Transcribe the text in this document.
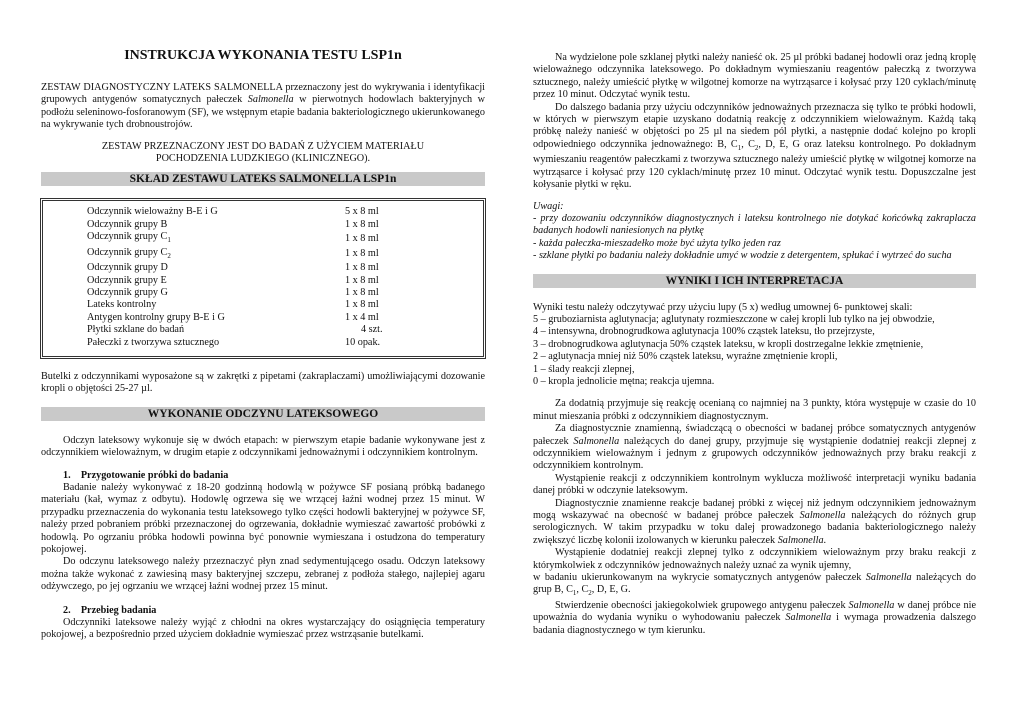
INSTRUKCJA WYKONANIA TESTU LSP1n

ZESTAW DIAGNOSTYCZNY LATEKS SALMONELLA przeznaczony jest do wykrywania i identyfikacji grupowych antygenów somatycznych pałeczek Salmonella w pierwotnych hodowlach bakteryjnych w podłożu seleninowo-fosforanowym (SF), we wstępnym etapie badania bakteriologicznego ukierunkowanego na wykrywanie tych drobnoustrojów.

ZESTAW PRZEZNACZONY JEST DO BADAŃ Z UŻYCIEM MATERIAŁU POCHODZENIA LUDZKIEGO (KLINICZNEGO).

SKŁAD ZESTAWU LATEKS SALMONELLA LSP1n
Odczynnik wieloważny B-E i G	5 x 8 ml
Odczynnik grupy B	1 x 8 ml
Odczynnik grupy $C_1$	1 x 8 ml
Odczynnik grupy $C_2$	1 x 8 ml
Odczynnik grupy D	1 x 8 ml
Odczynnik grupy E	1 x 8 ml
Odczynnik grupy G	1 x 8 ml
Lateks kontrolny	1 x 8 ml
Antygen kontrolny grupy B-E i G	1 x 4 ml
Płytki szklane do badań	4 szt.
Pałeczki z tworzywa sztucznego	10 opak.

Butelki z odczynnikami wyposażone są w zakrętki z pipetami (zakraplaczami) umożliwiającymi dozowanie kropli o objętości 25-27 µl.

WYKONANIE ODCZYNU LATEKSOWEGO

Odczyn lateksowy wykonuje się w dwóch etapach: w pierwszym etapie badanie wykonywane jest z odczynnikiem wieloważnym, w drugim etapie z odczynnikami jednoważnymi i odczynnikiem kontrolnym.

1. Przygotowanie próbki do badania

Badanie należy wykonywać z 18-20 godzinną hodowlą w pożywce SF posianą próbką badanego materiału (kał, wymaz z odbytu). Hodowlę ogrzewa się we wrzącej łaźni wodnej przez 15 minut. W przypadku przeznaczenia do wykonania testu lateksowego tylko części hodowli bakteryjnej w pożywce SF, należy przed pobraniem próbki przeznaczonej do ogrzewania, dokładnie wymieszać zawartość probówki z hodowlą. Po ogrzaniu próbka hodowli powinna być ponownie wymieszana i ostudzona do temperatury pokojowej.

Do odczynu lateksowego należy przeznaczyć płyn znad sedymentującego osadu. Odczyn lateksowy można także wykonać z zawiesiną masy bakteryjnej szczepu, zebranej z podłoża stałego, najlepiej agaru odżywczego, po jej ogrzaniu we wrzącej łaźni wodnej przez 15 minut.

2. Przebieg badania

Odczynniki lateksowe należy wyjąć z chłodni na okres wystarczający do osiągnięcia temperatury pokojowej, a bezpośrednio przed użyciem dokładnie wymieszać przez wstrząsanie butelkami.

Na wydzielone pole szklanej płytki należy nanieść ok. 25 µl próbki badanej hodowli oraz jedną kroplę wieloważnego odczynnika lateksowego. Po dokładnym wymieszaniu reagentów pałeczką z tworzywa sztucznego, należy umieścić płytkę w wilgotnej komorze na wytrząsarce i kołysać przy 120 cyklach/minutę przez 10 minut. Odczytać wynik testu.

Do dalszego badania przy użyciu odczynników jednoważnych przeznacza się tylko te próbki hodowli, w których w pierwszym etapie uzyskano dodatnią reakcję z odczynnikiem wieloważnym. Każdą taką próbkę należy nanieść w objętości po 25 µl na siedem pól płytki, a następnie dodać kolejno po kropli odpowiedniego odczynnika jednoważnego: B, $C_1$, $C_2$, D, E, G oraz lateksu kontrolnego. Po dokładnym wymieszaniu reagentów pałeczkami z tworzywa sztucznego należy umieścić płytkę w wilgotnej komorze na wytrząsarce i kołysać przy 120 cyklach/minutę przez 10 minut. Odczytać wynik testu. Dopuszczalne jest kołysanie płytki w ręku.

Uwagi:

- przy dozowaniu odczynników diagnostycznych i lateksu kontrolnego nie dotykać końcówką zakraplacza badanych hodowli naniesionych na płytkę

- każda pałeczka-mieszadełko może być użyta tylko jeden raz

- szklane płytki po badaniu należy dokładnie umyć w wodzie z detergentem, spłukać i wytrzeć do sucha

WYNIKI I ICH INTERPRETACJA

Wyniki testu należy odczytywać przy użyciu lupy (5 x) według umownej 6- punktowej skali:

5 – gruboziarnista aglutynacja; aglutynaty rozmieszczone w całej kropli lub tylko na jej obwodzie,

4 – intensywna, drobnogrudkowa aglutynacja 100% cząstek lateksu, tło przejrzyste,

3 – drobnogrudkowa aglutynacja 50% cząstek lateksu, w kropli dostrzegalne lekkie zmętnienie,

2 – aglutynacja mniej niż 50% cząstek lateksu, wyraźne zmętnienie kropli,

1 – ślady reakcji zlepnej,

0 – kropla jednolicie mętna; reakcja ujemna.

Za dodatnią przyjmuje się reakcję ocenianą co najmniej na 3 punkty, która występuje w czasie do 10 minut mieszania próbki z odczynnikiem diagnostycznym.

Za diagnostycznie znamienną, świadczącą o obecności w badanej próbce somatycznych antygenów pałeczek Salmonella należących do danej grupy, przyjmuje się wystąpienie dodatniej reakcji zlepnej z odczynnikiem wieloważnym i jednym z grupowych odczynników jednoważnych przy braku reakcji z odczynnikiem kontrolnym.

Wystąpienie reakcji z odczynnikiem kontrolnym wyklucza możliwość interpretacji wyniku badania danej próbki w odczynie lateksowym.

Diagnostycznie znamienne reakcje badanej próbki z więcej niż jednym odczynnikiem jednoważnym mogą wskazywać na obecność w badanej próbce pałeczek Salmonella należących do różnych grup serologicznych. W takim przypadku w toku dalej prowadzonego badania bakteriologicznego należy zwiększyć liczbę kolonii izolowanych w kierunku pałeczek Salmonella.

Wystąpienie dodatniej reakcji zlepnej tylko z odczynnikiem wieloważnym przy braku reakcji z którymkolwiek z odczynników jednoważnych należy uznać za wynik ujemny,

w badaniu ukierunkowanym na wykrycie somatycznych antygenów pałeczek Salmonella należących do grup B, $C_1$, $C_2$, D, E, G.

Stwierdzenie obecności jakiegokolwiek grupowego antygenu pałeczek Salmonella w danej próbce nie upoważnia do wydania wyniku o wyhodowaniu pałeczek Salmonella i wymaga prowadzenia dalszego badania diagnostycznego w tym kierunku.
